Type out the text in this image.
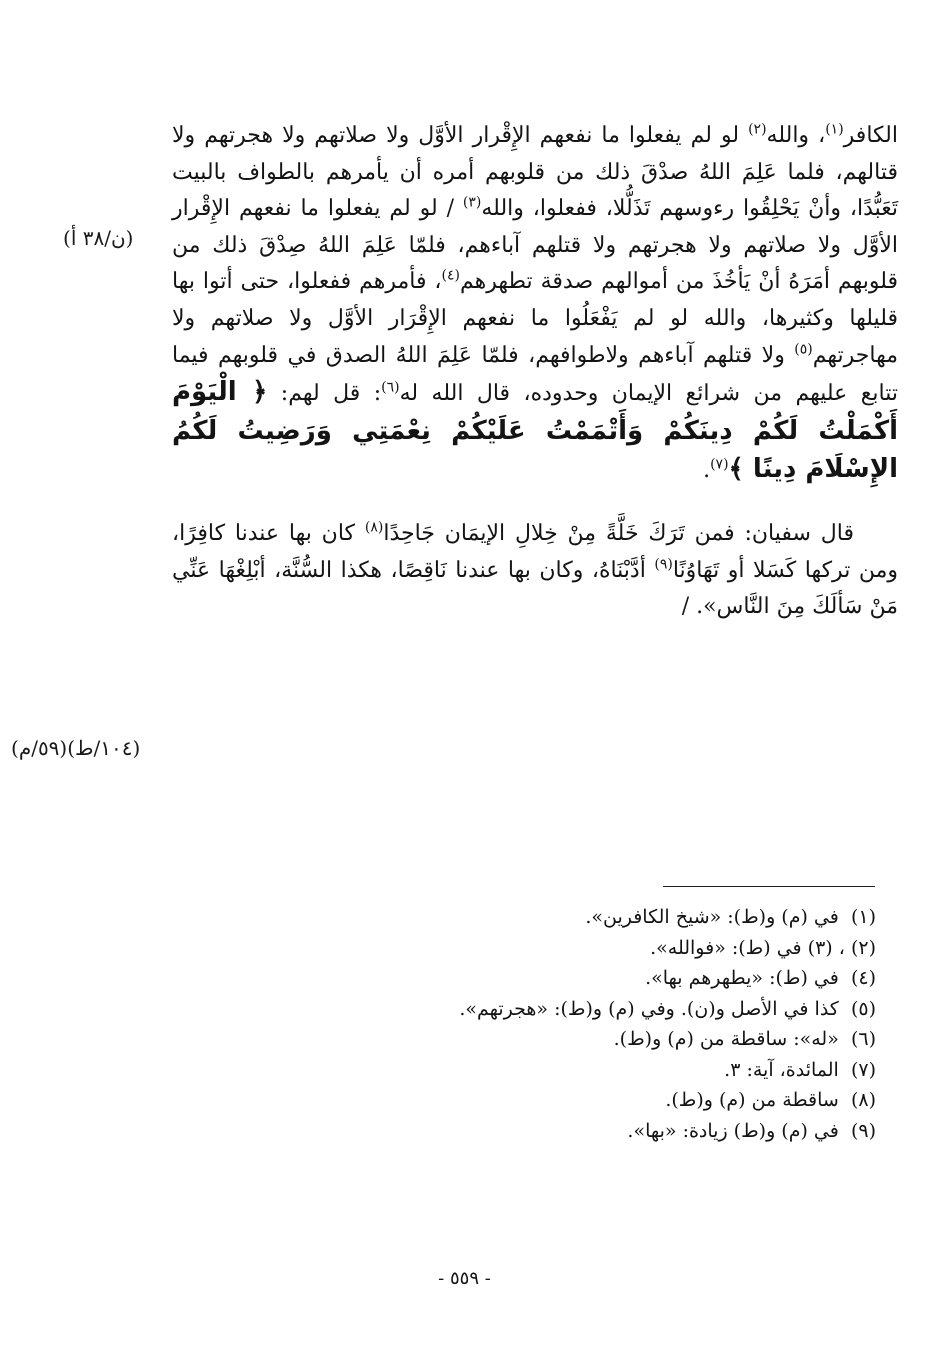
(ن/٣٨ أ)
(٥٩/م)(١٠٤/ط)

الكافر$^{(١)}$، والله$^{(٢)}$ لو لم يفعلوا ما نفعهم الإِقْرار الأوَّل ولا صلاتهم ولا هجرتهم ولا قتالهم، فلما عَلِمَ اللهُ صدْقَ ذلك من قلوبهم أمره أن يأمرهم بالطواف بالبيت تَعَبُّدًا، وأنْ يَحْلِقُوا رءوسهم تَذَلُّلا، ففعلوا، والله$^{(٣)}$ / لو لم يفعلوا ما نفعهم الإِقْرار الأوَّل ولا صلاتهم ولا هجرتهم ولا قتلهم آباءهم، فلمّا عَلِمَ اللهُ صِدْقَ ذلك من قلوبهم أمَرَهُ أنْ يَأخُذَ من أموالهم صدقة تطهرهم$^{(٤)}$، فأمرهم ففعلوا، حتى أتوا بها قليلها وكثيرها، والله لو لم يَفْعَلُوا ما نفعهم الإِقْرَار الأوَّل ولا صلاتهم ولا مهاجرتهم$^{(٥)}$ ولا قتلهم آباءهم ولاطوافهم، فلمّا عَلِمَ اللهُ الصدق في قلوبهم فيما تتابع عليهم من شرائع الإيمان وحدوده، قال الله له$^{(٦)}$: قل لهم: ﴿ الْيَوْمَ أَكْمَلْتُ لَكُمْ دِينَكُمْ وَأَتْمَمْتُ عَلَيْكُمْ نِعْمَتِي وَرَضِيتُ لَكُمُ الإِسْلَامَ دِينًا ﴾$^{(٧)}$.

  قال سفيان: فمن تَرَكَ خَلَّةً مِنْ خِلالِ الإيمَان جَاحِدًا$^{(٨)}$ كان بها عندنا كافِرًا، ومن تركها كَسَلا أو تَهَاوُنًا$^{(٩)}$ أدَّبْنَاهُ، وكان بها عندنا نَاقِصًا، هكذا السُّنَّة، أبْلِغْهَا عَنِّي مَنْ سَألَكَ مِنَ النَّاس». /

(١)  في (م) و(ط): «شيخ الكافرين».
(٢) ، (٣) في (ط): «فوالله».
(٤)  في (ط): «يطهرهم بها».
(٥)  كذا في الأصل و(ن). وفي (م) و(ط): «هجرتهم».
(٦)  «له»: ساقطة من (م) و(ط).
(٧)  المائدة، آية: ٣.
(٨)  ساقطة من (م) و(ط).
(٩)  في (م) و(ط) زيادة: «بها».
- ٥٥٩ -
